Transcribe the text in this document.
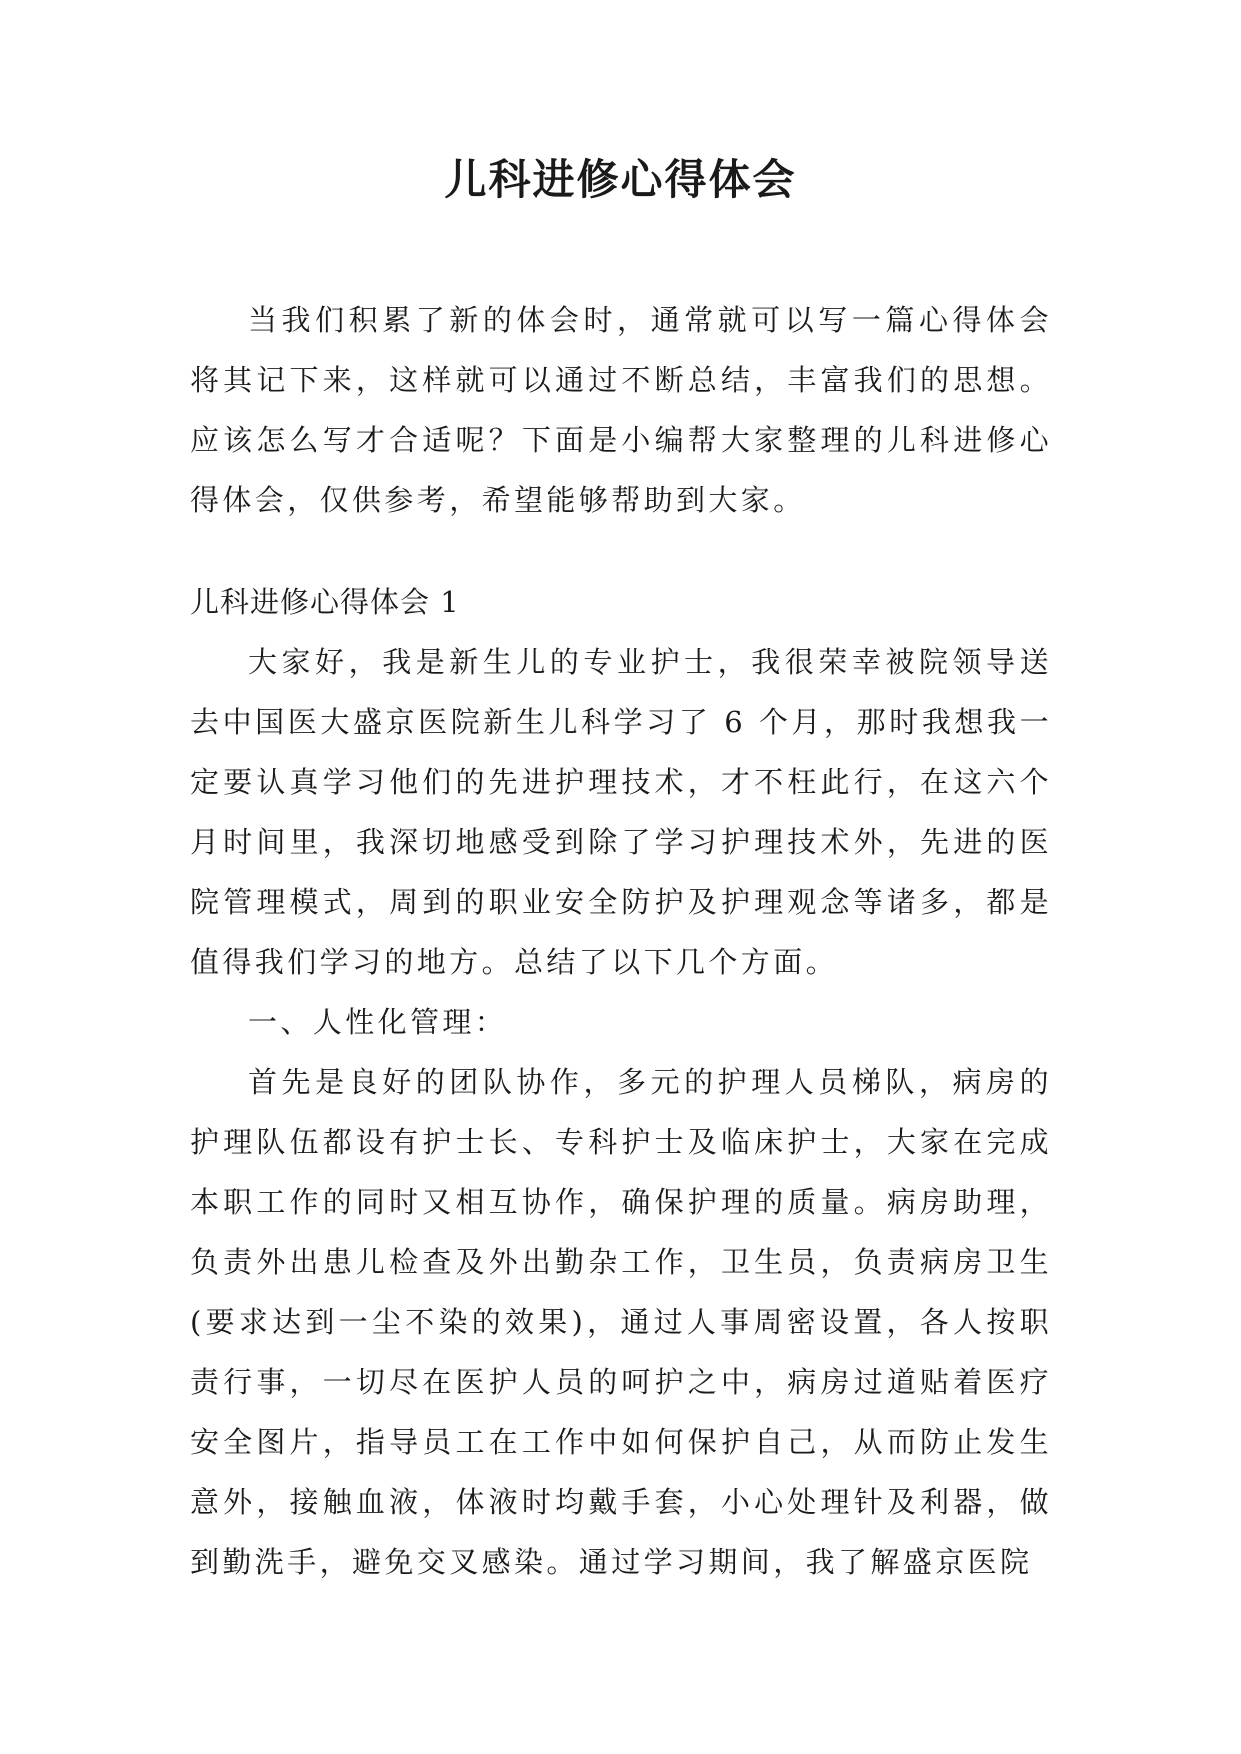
儿科进修心得体会

当我们积累了新的体会时，通常就可以写一篇心得体会将其记下来，这样就可以通过不断总结，丰富我们的思想。应该怎么写才合适呢？下面是小编帮大家整理的儿科进修心得体会，仅供参考，希望能够帮助到大家。

儿科进修心得体会 1

大家好，我是新生儿的专业护士，我很荣幸被院领导送去中国医大盛京医院新生儿科学习了 6 个月，那时我想我一定要认真学习他们的先进护理技术，才不枉此行，在这六个月时间里，我深切地感受到除了学习护理技术外，先进的医院管理模式，周到的职业安全防护及护理观念等诸多，都是值得我们学习的地方。总结了以下几个方面。

一、人性化管理：

首先是良好的团队协作，多元的护理人员梯队，病房的护理队伍都设有护士长、专科护士及临床护士，大家在完成本职工作的同时又相互协作，确保护理的质量。病房助理，负责外出患儿检查及外出勤杂工作，卫生员，负责病房卫生(要求达到一尘不染的效果)，通过人事周密设置，各人按职责行事，一切尽在医护人员的呵护之中，病房过道贴着医疗安全图片，指导员工在工作中如何保护自己，从而防止发生意外，接触血液，体液时均戴手套，小心处理针及利器，做到勤洗手，避免交叉感染。通过学习期间，我了解盛京医院
